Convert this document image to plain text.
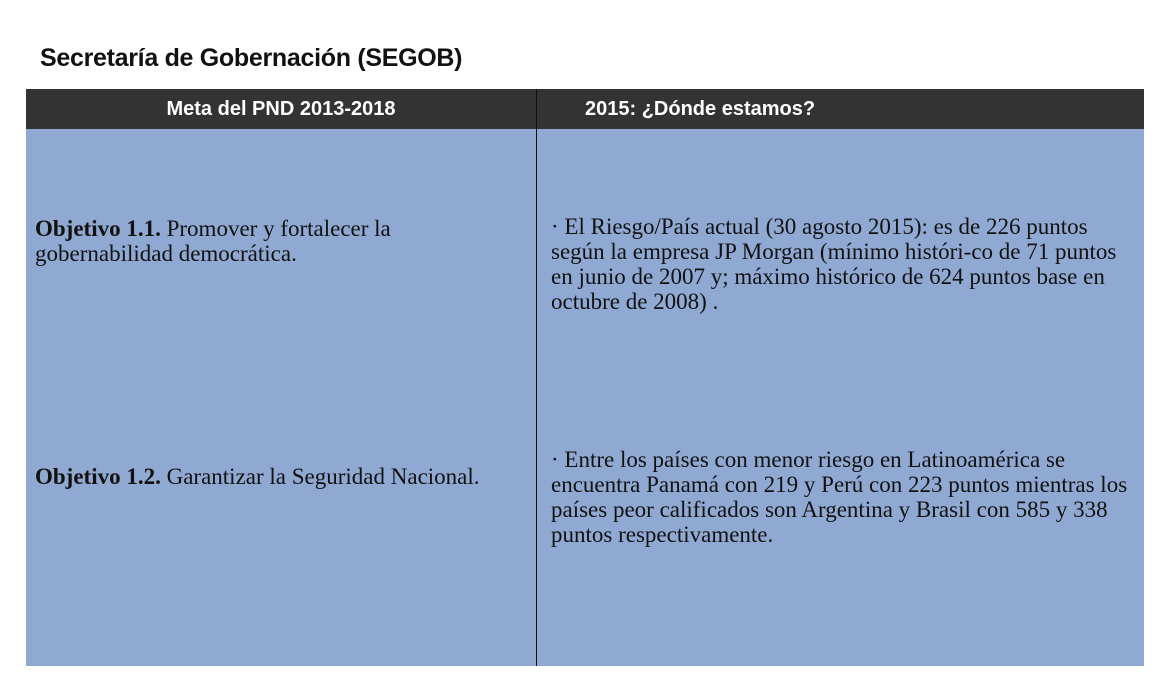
Secretaría de Gobernación (SEGOB)
Meta del PND 2013-2018	2015: ¿Dónde estamos?
Objetivo 1.1. Promover y fortalecer la gobernabilidad democrática.
· El Riesgo/País actual (30 agosto 2015): es de 226 puntos según la empresa JP Morgan (mínimo históri-co de 71 puntos en junio de 2007 y; máximo histórico de 624 puntos base en octubre de 2008) .
Objetivo 1.2. Garantizar la Seguridad Nacional.
· Entre los países con menor riesgo en Latinoamérica se encuentra Panamá con 219 y Perú con 223 puntos mientras los países peor calificados son Argentina y Brasil con 585 y 338 puntos respectivamente.
